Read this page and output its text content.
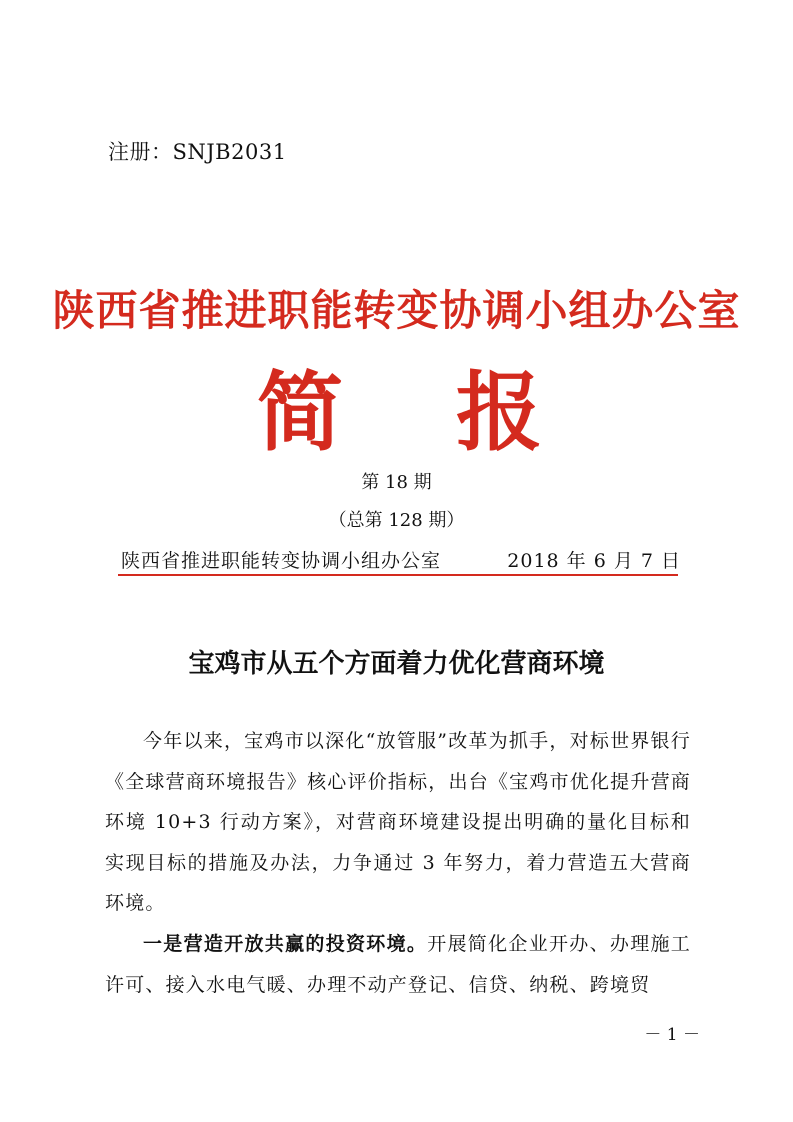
注册：SNJB2031
陕西省推进职能转变协调小组办公室
简 报
第 18 期
（总第 128 期）
陕西省推进职能转变协调小组办公室	2018 年 6 月 7 日
宝鸡市从五个方面着力优化营商环境
今年以来，宝鸡市以深化“放管服”改革为抓手，对标世界银行《全球营商环境报告》核心评价指标，出台《宝鸡市优化提升营商环境 10+3 行动方案》，对营商环境建设提出明确的量化目标和实现目标的措施及办法，力争通过 3 年努力，着力营造五大营商环境。
一是营造开放共赢的投资环境。开展简化企业开办、办理施工许可、接入水电气暖、办理不动产登记、信贷、纳税、跨境贸
－ 1 －
